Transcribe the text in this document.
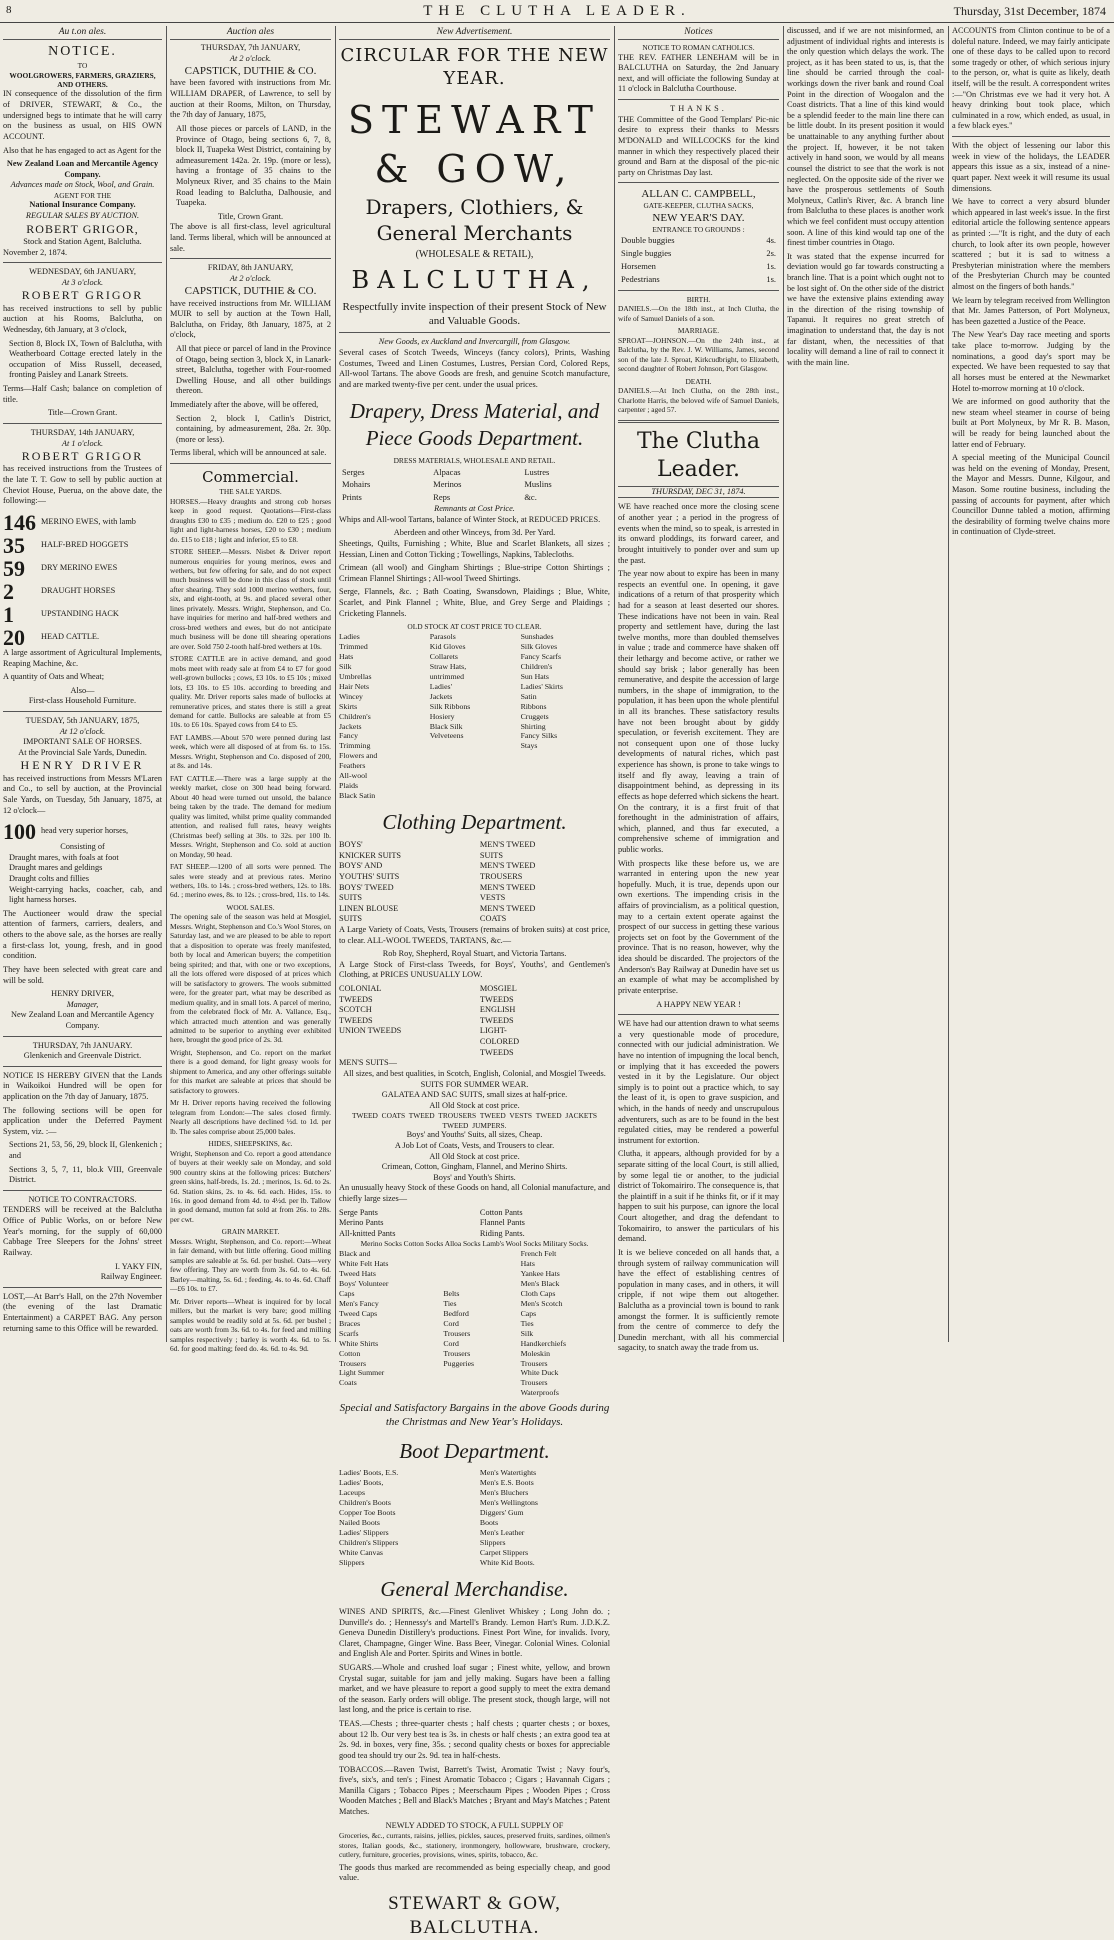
8	THE CLUTHA LEADER.	Thursday, 31st December, 1874
Au t.on ales.
NOTICE.
TO
WOOLGROWERS, FARMERS, GRAZIERS, AND OTHERS.

IN consequence of the dissolution of the firm of DRIVER, STEWART, & Co., the undersigned begs to intimate that he will carry on the business as usual, on HIS OWN ACCOUNT.

Also that he has engaged to act as Agent for the

New Zealand Loan and Mercantile Agency Company.
Advances made on Stock, Wool, and Grain.
AGENT FOR THE
National Insurance Company.
REGULAR SALES BY AUCTION.
ROBERT GRIGOR,
Stock and Station Agent, Balclutha.
November 2, 1874.
WEDNESDAY, 6th JANUARY,
At 3 o'clock.
ROBERT GRIGOR

has received instructions to sell by public auction at his Rooms, Balclutha, on Wednesday, 6th January, at 3 o'clock,

Section 8, Block IX, Town of Balclutha, with Weatherboard Cottage erected lately in the occupation of Miss Russell, deceased, fronting Paisley and Lanark Streets.

Terms—Half Cash; balance on completion of title.

Title—Crown Grant.
THURSDAY, 14th JANUARY,
At 1 o'clock.
ROBERT GRIGOR

has received instructions from the Trustees of the late T. T. Gow to sell by public auction at Cheviot House, Puerua, on the above date, the following:—

146 MERINO EWES, with lamb
35 HALF-BRED HOGGETS
59 DRY MERINO EWES
2	DRAUGHT HORSES
1	UPSTANDING HACK
20 HEAD CATTLE.

A large assortment of Agricultural Implements, Reaping Machine, &c.

A quantity of Oats and Wheat;

Also—
First-class Household Furniture.
TUESDAY, 5th JANUARY, 1875,
At 12 o'clock.
IMPORTANT SALE OF HORSES.
At the Provincial Sale Yards, Dunedin.
HENRY DRIVER

has received instructions from Messrs M'Laren and Co., to sell by auction, at the Provincial Sale Yards, on Tuesday, 5th January, 1875, at 12 o'clock—

100 head very superior horses,
Consisting of

Draught mares, with foals at foot
Draught mares and geldings
Draught colts and fillies
Weight-carrying hacks, coacher, cab, and light harness horses.

The Auctioneer would draw the special attention of farmers, carriers, dealers, and others to the above sale, as the horses are really a first-class lot, young, fresh, and in good condition.

They have been selected with great care and will be sold.

HENRY DRIVER,
Manager,
New Zealand Loan and Mercantile Agency Company.
THURSDAY, 7th JANUARY.
Glenkenich and Greenvale District.

NOTICE IS HEREBY GIVEN that the Lands in Waikoikoi Hundred will be open for application on the 7th day of January, 1875.

The following sections will be open for application under the Deferred Payment System, viz. :—

Sections 21, 53, 56, 29, block II, Glenkenich ; and

Sections 3, 5, 7, 11, blo.k VIII, Greenvale District.

NOTICE TO CONTRACTORS.

TENDERS will be received at the Balclutha Office of Public Works, on or before New Year's morning, for the supply of 60,000 Cabbage Tree Sleepers for the Johns' street Railway.

I. YAKY FIN,
Railway Engineer.

LOST,—At Barr's Hall, on the 27th November (the evening of the last Dramatic Entertainment) a CARPET BAG. Any person returning same to this Office will be rewarded.

Auction ales
THURSDAY, 7th JANUARY,
At 2 o'clock.
CAPSTICK, DUTHIE & CO.

have been favored with instructions from Mr. WILLIAM DRAPER, of Lawrence, to sell by auction at their Rooms, Milton, on Thursday, the 7th day of January, 1875,

All those pieces or parcels of LAND, in the Province of Otago, being sections 6, 7, 8, block II, Tuapeka West District, containing by admeasurement 142a. 2r. 19p. (more or less), having a frontage of 35 chains to the Molyneux River, and 35 chains to the Main Road leading to Balclutha, Dalhousie, and Tuapeka.

Title, Crown Grant.

The above is all first-class, level agricultural land. Terms liberal, which will be announced at sale.

FRIDAY, 8th JANUARY,
At 2 o'clock.
CAPSTICK, DUTHIE & CO.

have received instructions from Mr. WILLIAM MUIR to sell by auction at the Town Hall, Balclutha, on Friday, 8th January, 1875, at 2 o'clock,

All that piece or parcel of land in the Province of Otago, being section 3, block X, in Lanark-street, Balclutha, together with Four-roomed Dwelling House, and all other buildings thereon.

Immediately after the above, will be offered,

Section 2, block I, Catlin's District, containing, by admeasurement, 28a. 2r. 30p. (more or less).

Terms liberal, which will be announced at sale.

Commercial.
THE SALE YARDS.

HORSES.—Heavy draughts and strong cob horses keep in good request. Quotations—First-class draughts £30 to £35 ; medium do. £20 to £25 ; good light and light-harness horses, £20 to £30 ; medium do. £15 to £18 ; light and inferior, £5 to £8.

STORE SHEEP.—Messrs. Nisbet & Driver report numerous enquiries for young merinos, ewes and wethers, but few offering for sale, and do not expect much business will be done in this class of stock until after shearing. They sold 1000 merino wethers, four, six, and eight-tooth, at 9s. and placed several other lines privately. Messrs. Wright, Stephenson, and Co. have inquiries for merino and half-bred wethers and cross-bred wethers and ewes, but do not anticipate much business will be done till shearing operations are over. Sold 750 2-tooth half-bred wethers at 10s.

STORE CATTLE are in active demand, and good mobs meet with ready sale at from £4 to £7 for good well-grown bullocks ; cows, £3 10s. to £5 10s ; mixed lots, £3 10s. to £5 10s. according to breeding and quality. Mr. Driver reports sales made of bullocks at remunerative prices, and states there is still a great demand for cattle. Bullocks are saleable at from £5 10s. to £6 10s. Spayed cows from £4 to £5.

FAT LAMBS.—About 570 were penned during last week, which were all disposed of at from 6s. to 15s. Messrs. Wright, Stephenson and Co. disposed of 200, at 8s. and 14s.

FAT CATTLE.—There was a large supply at the weekly market, close on 300 head being forward. About 40 head were turned out unsold, the balance being taken by the trade. The demand for medium quality was limited, whilst prime quality commanded attention, and realised full rates, heavy weights (Christmas beef) selling at 30s. to 32s. per 100 lb. Messrs. Wright, Stephenson and Co. sold at auction on Monday, 90 head.

FAT SHEEP.—1200 of all sorts were penned. The sales were steady and at previous rates. Merino wethers, 10s. to 14s. ; cross-bred wethers, 12s. to 18s. 6d. ; merino ewes, 8s. to 12s. ; cross-bred, 11s. to 14s.

WOOL SALES.

The opening sale of the season was held at Mosgiel, Messrs. Wright, Stephenson and Co.'s Wool Stores, on Saturday last, and we are pleased to be able to report that a disposition to operate was freely manifested, both by local and American buyers; the competition being spirited; and that, with one or two exceptions, all the lots offered were disposed of at prices which will be satisfactory to growers. The wools submitted were, for the greater part, what may be described as medium quality, and in small lots. A parcel of merino, from the celebrated flock of Mr. A. Vallance, Esq., which attracted much attention and was generally admitted to be superior to anything ever exhibited here, brought the good price of 2s. 3d.

Wright, Stephenson, and Co. report on the market there is a good demand, for light greasy wools for shipment to America, and any other offerings suitable for this market are saleable at prices that should be satisfactory to growers.

Mr H. Driver reports having received the following telegram from London:—The sales closed firmly. Nearly all descriptions have declined ½d. to 1d. per lb. The sales comprise about 25,000 bales.

HIDES, SHEEPSKINS, &c.

Wright, Stephenson and Co. report a good attendance of buyers at their weekly sale on Monday, and sold 900 country skins at the following prices: Butchers' green skins, half-breds, 1s. 2d. ; merinos, 1s. 6d. to 2s. 6d. Station skins, 2s. to 4s. 6d. each. Hides, 15s. to 16s. in good demand from 4d. to 4½d. per lb. Tallow in good demand, mutton fat sold at from 26s. to 28s. per cwt.

GRAIN MARKET.

Messrs. Wright, Stephenson, and Co. report:—Wheat in fair demand, with but little offering. Good milling samples are saleable at 5s. 6d. per bushel. Oats—very few offering. They are worth from 3s. 6d. to 4s. 6d. Barley—malting, 5s. 6d. ; feeding, 4s. to 4s. 6d. Chaff—£6 10s. to £7.

Mr. Driver reports—Wheat is inquired for by local millers, but the market is very bare; good milling samples would be readily sold at 5s. 6d. per bushel ; oats are worth from 3s. 6d. to 4s. for feed and milling samples respectively ; barley is worth 4s. 6d. to 5s. 6d. for good malting; feed do. 4s. 6d. to 4s. 9d.

New Advertisement.
CIRCULAR FOR THE NEW YEAR.
STEWART & GOW,
Drapers, Clothiers, & General Merchants
(WHOLESALE & RETAIL),
BALCLUTHA,
Respectfully invite inspection of their present Stock of New and Valuable Goods.
New Goods, ex Auckland and Invercargill, from Glasgow.

Several cases of Scotch Tweeds, Winceys (fancy colors), Prints, Washing Costumes, Tweed and Linen Costumes, Lustres, Persian Cord, Colored Reps, All-wool Tartans. The above Goods are fresh, and genuine Scotch manufacture, and are marked twenty-five per cent. under the usual prices.

Drapery, Dress Material, and Piece Goods Department.
DRESS MATERIALS, WHOLESALE AND RETAIL.
Serges	Alpacas	Lustres
Mohairs	Merinos	Muslins
Prints	Reps	&c.
Remnants at Cost Price.

Whips and All-wool Tartans, balance of Winter Stock, at REDUCED PRICES.

Aberdeen and other Winceys, from 3d. Per Yard.

Sheetings, Quilts, Furnishing ; White, Blue and Scarlet Blankets, all sizes ; Hessian, Linen and Cotton Ticking ; Towellings, Napkins, Tablecloths.

Crimean (all wool) and Gingham Shirtings ; Blue-stripe Cotton Shirtings ; Crimean Flannel Shirtings ; All-wool Tweed Shirtings.

Serge, Flannels, &c. ; Bath Coating, Swansdown, Plaidings ; Blue, White, Scarlet, and Pink Flannel ; White, Blue, and Grey Serge and Plaidings ; Cricketing Flannels.

OLD STOCK AT COST PRICE TO CLEAR.
Ladies Trimmed Hats
Silk Umbrellas
Hair Nets
Wincey Skirts
Children's Jackets
Fancy Trimming
Flowers and Feathers
All-wool Plaids
Black Satin
Parasols
Kid Gloves
Collarets
Straw Hats, untrimmed
Ladies' Jackets
Silk Ribbons
Hosiery
Black Silk
Velveteens
Sunshades
Silk Gloves
Fancy Scarfs
Children's Sun Hats
Ladies' Skirts
Satin Ribbons
Cruggets Shirting
Fancy Silks
Stays
Clothing Department.
BOYS' KNICKER SUITS
BOYS' AND YOUTHS' SUITS
BOYS' TWEED SUITS
LINEN BLOUSE SUITS
MEN'S TWEED SUITS
MEN'S TWEED TROUSERS
MEN'S TWEED VESTS
MEN'S TWEED COATS

A Large Variety of Coats, Vests, Trousers (remains of broken suits) at cost price, to clear. ALL-WOOL TWEEDS, TARTANS, &c.—

Rob Roy, Shepherd, Royal Stuart, and Victoria Tartans.

A Large Stock of First-class Tweeds, for Boys', Youths', and Gentlemen's Clothing, at PRICES UNUSUALLY LOW.

COLONIAL TWEEDS
SCOTCH TWEEDS
UNION TWEEDS
MOSGIEL TWEEDS
ENGLISH TWEEDS
LIGHT-COLORED TWEEDS
MEN'S SUITS—
All sizes, and best qualities, in Scotch, English, Colonial, and Mosgiel Tweeds.
SUITS FOR SUMMER WEAR.
GALATEA AND SAC SUITS, small sizes at half-price.
All Old Stock at cost price.
TWEED COATS TWEED TROUSERS TWEED VESTS TWEED JACKETS TWEED JUMPERS.
Boys' and Youths' Suits, all sizes, Cheap.
A Job Lot of Coats, Vests, and Trousers to clear.
All Old Stock at cost price.
Crimean, Cotton, Gingham, Flannel, and Merino Shirts.
Boys' and Youth's Shirts.

An unusually heavy Stock of these Goods on hand, all Colonial manufacture, and chiefly large sizes—

Serge Pants
Merino Pants
All-knitted Pants
Cotton Pants
Flannel Pants
Riding Pants.
Merino Socks Cotton Socks Alloa Socks Lamb's Wool Socks Military Socks.
Black and White Felt Hats
Tweed Hats
Boys' Volunteer Caps
Men's Fancy Tweed Caps
Braces
Scarfs
White Shirts
Cotton Trousers
Light Summer Coats
Belts
Ties
Bedford Cord Trousers
Cord Trousers
Puggeries
French Felt Hats
Yankee Hats
Men's Black Cloth Caps
Men's Scotch Caps
Ties
Silk Handkerchiefs
Moleskin Trousers
White Duck Trousers
Waterproofs
Special and Satisfactory Bargains in the above Goods during the Christmas and New Year's Holidays.
Boot Department.
Ladies' Boots, E.S.
Ladies' Boots, Laceups
Children's Boots
Copper Toe Boots
Nailed Boots
Ladies' Slippers
Children's Slippers
White Canvas Slippers
Men's Watertights
Men's E.S. Boots
Men's Bluchers
Men's Wellingtons
Diggers' Gum Boots
Men's Leather Slippers
Carpet Slippers
White Kid Boots.
General Merchandise.

WINES AND SPIRITS, &c.—Finest Glenlivet Whiskey ; Long John do. ; Dunville's do. ; Hennessy's and Martell's Brandy. Lemon Hart's Rum. J.D.K.Z. Geneva Dunedin Distillery's productions. Finest Port Wine, for invalids. Ivory, Claret, Champagne, Ginger Wine. Bass Beer, Vinegar. Colonial Wines. Colonial and English Ale and Porter. Spirits and Wines in bottle.

SUGARS.—Whole and crushed loaf sugar ; Finest white, yellow, and brown Crystal sugar, suitable for jam and jelly making. Sugars have been a falling market, and we have pleasure to report a good supply to meet the extra demand of the season. Early orders will oblige. The present stock, though large, will not last long, and the price is certain to rise.

TEAS.—Chests ; three-quarter chests ; half chests ; quarter chests ; or boxes, about 12 lb. Our very best tea is 3s. in chests or half chests ; an extra good tea at 2s. 9d. in boxes, very fine, 35s. ; second quality chests or boxes for appreciable good tea should try our 2s. 9d. tea in half-chests.

TOBACCOS.—Raven Twist, Barrett's Twist, Aromatic Twist ; Navy four's, five's, six's, and ten's ; Finest Aromatic Tobacco ; Cigars ; Havannah Cigars ; Manilla Cigars ; Tobacco Pipes ; Meerschaum Pipes ; Wooden Pipes ; Cross Wooden Matches ; Bell and Black's Matches ; Bryant and May's Matches ; Patent Matches.

NEWLY ADDED TO STOCK, A FULL SUPPLY OF

Groceries, &c., currants, raisins, jellies, pickles, sauces, preserved fruits, sardines, oilmen's stores, Italian goods, &c., stationery, ironmongery, hollowware, brushware, crockery, cutlery, furniture, groceries, provisions, wines, spirits, tobacco, &c.

The goods thus marked are recommended as being especially cheap, and good value.

STEWART & GOW, BALCLUTHA.
Notices
NOTICE TO ROMAN CATHOLICS.

THE REV. FATHER LENEHAM will be in BALCLUTHA on Saturday, the 2nd January next, and will officiate the following Sunday at 11 o'clock in Balclutha Courthouse.

THANKS.

THE Committee of the Good Templars' Pic-nic desire to express their thanks to Messrs M'DONALD and WILLCOCKS for the kind manner in which they respectively placed their ground and Barn at the disposal of the pic-nic party on Christmas Day last.

ALLAN C. CAMPBELL,
GATE-KEEPER, CLUTHA SACKS,
NEW YEAR'S DAY.
ENTRANCE TO GROUNDS :
Double buggies	4s.
Single buggies	2s.
Horsemen	1s.
Pedestrians	1s.
BIRTH.

DANIELS.—On the 18th inst., at Inch Clutha, the wife of Samuel Daniels of a son.

MARRIAGE.

SPROAT—JOHNSON.—On the 24th inst., at Balclutha, by the Rev. J. W. Williams, James, second son of the late J. Sproat, Kirkcudbright, to Elizabeth, second daughter of Robert Johnson, Port Glasgow.

DEATH.

DANIELS.—At Inch Clutha, on the 28th inst., Charlotte Harris, the beloved wife of Samuel Daniels, carpenter ; aged 57.

The Clutha Leader.
THURSDAY, DEC 31, 1874.

WE have reached once more the closing scene of another year ; a period in the progress of events when the mind, so to speak, is arrested in its onward ploddings, its forward career, and brought intuitively to ponder over and sum up the past.

The year now about to expire has been in many respects an eventful one. In opening, it gave indications of a return of that prosperity which had for a season at least deserted our shores. These indications have not been in vain. Real property and settlement have, during the last twelve months, more than doubled themselves in value ; trade and commerce have shaken off their lethargy and become active, or rather we should say brisk ; labor generally has been remunerative, and despite the accession of large numbers, in the shape of immigration, to the population, it has been upon the whole plentiful in all its branches. These satisfactory results have not been brought about by giddy speculation, or feverish excitement. They are not consequent upon one of those lucky developments of natural riches, which past experience has shown, is prone to take wings to itself and fly away, leaving a train of disappointment behind, as depressing in its effects as hope deferred which sickens the heart. On the contrary, it is a first fruit of that forethought in the administration of affairs, which, planned, and thus far executed, a comprehensive scheme of immigration and public works.

With prospects like these before us, we are warranted in entering upon the new year hopefully. Much, it is true, depends upon our own exertions. The impending crisis in the affairs of provincialism, as a political question, may to a certain extent operate against the prospect of our success in getting these various projects set on foot by the Government of the province. That is no reason, however, why the idea should be discarded. The projectors of the Anderson's Bay Railway at Dunedin have set us an example of what may be accomplished by private enterprise.

A HAPPY NEW YEAR !

WE have had our attention drawn to what seems a very questionable mode of procedure, connected with our judicial administration. We have no intention of impugning the local bench, or implying that it has exceeded the powers vested in it by the Legislature. Our object simply is to point out a practice which, to say the least of it, is open to grave suspicion, and which, in the hands of needy and unscrupulous adventurers, such as are to be found in the best regulated cities, may be rendered a powerful instrument for extortion.

Clutha, it appears, although provided for by a separate sitting of the local Court, is still allied, by some legal tie or another, to the judicial district of Tokomairiro. The consequence is, that the plaintiff in a suit if he thinks fit, or if it may happen to suit his purpose, can ignore the local Court altogether, and drag the defendant to Tokomairiro, to answer the particulars of his demand.

It is we believe conceded on all hands that, a through system of railway communication will have the effect of establishing centres of population in many cases, and in others, it will cripple, if not wipe them out altogether. Balclutha as a provincial town is bound to rank amongst the former. It is sufficiently remote from the centre of commerce to defy the Dunedin merchant, with all his commercial sagacity, to snatch away the trade from us.

discussed, and if we are not misinformed, an adjustment of individual rights and interests is the only question which delays the work. The project, as it has been stated to us, is, that the line should be carried through the coal-workings down the river bank and round Coal Point in the direction of Woogalon and the Coast districts. That a line of this kind would be a splendid feeder to the main line there can be little doubt. In its present position it would be unattainable to any anything further about the project. If, however, it be not taken actively in hand soon, we would by all means counsel the district to see that the work is not neglected. On the opposite side of the river we have the prosperous settlements of South Molyneux, Catlin's River, &c. A branch line from Balclutha to these places is another work which we feel confident must occupy attention soon. A line of this kind would tap one of the finest timber countries in Otago.

It was stated that the expense incurred for deviation would go far towards constructing a branch line. That is a point which ought not to be lost sight of. On the other side of the district we have the extensive plains extending away in the direction of the rising township of Tapanui. It requires no great stretch of imagination to understand that, the day is not far distant, when, the necessities of that locality will demand a line of rail to connect it with the main line.

ACCOUNTS from Clinton continue to be of a doleful nature. Indeed, we may fairly anticipate one of these days to be called upon to record some tragedy or other, of which serious injury to the person, or, what is quite as likely, death itself, will be the result. A correspondent writes :—"On Christmas eve we had it very hot. A heavy drinking bout took place, which culminated in a row, which ended, as usual, in a few black eyes."

With the object of lessening our labor this week in view of the holidays, the LEADER appears this issue as a six, instead of a nine-quart paper. Next week it will resume its usual dimensions.

We have to correct a very absurd blunder which appeared in last week's issue. In the first editorial article the following sentence appears as printed :—"It is right, and the duty of each church, to look after its own people, however scattered ; but it is sad to witness a Presbyterian ministration where the members of the Presbyterian Church may be counted almost on the fingers of both hands."

We learn by telegram received from Wellington that Mr. James Patterson, of Port Molyneux, has been gazetted a Justice of the Peace.

The New Year's Day race meeting and sports take place to-morrow. Judging by the nominations, a good day's sport may be expected. We have been requested to say that all horses must be entered at the Newmarket Hotel to-morrow morning at 10 o'clock.

We are informed on good authority that the new steam wheel steamer in course of being built at Port Molyneux, by Mr R. B. Mason, will be ready for being launched about the latter end of February.

A special meeting of the Municipal Council was held on the evening of Monday, Present, the Mayor and Messrs. Dunne, Kilgour, and Mason. Some routine business, including the passing of accounts for payment, after which Councillor Dunne tabled a motion, affirming the desirability of forming twelve chains more in continuation of Clyde-street.
